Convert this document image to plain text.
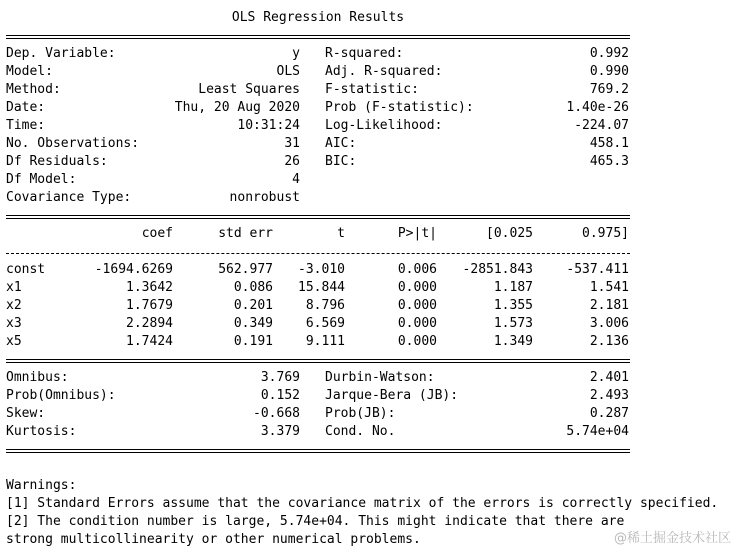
OLS Regression Results
Dep. Variable:	y R-squared:	0.992
Model:	OLS Adj. R-squared:	0.990
Method:	Least Squares F-statistic:	769.2
Date:	Thu, 20 Aug 2020 Prob (F-statistic):	1.40e-26
Time:	10:31:24 Log-Likelihood:	-224.07
No. Observations:	31 AIC:	458.1
Df Residuals:	26 BIC:	465.3
Df Model:	4
Covariance Type:	nonrobust
coef	std err	t	P>|t|	[0.025	0.975]
const	-1694.6269	562.977	-3.010	0.006	-2851.843	-537.411
x1	1.3642	0.086	15.844	0.000	1.187	1.541
x2	1.7679	0.201	8.796	0.000	1.355	2.181
x3	2.2894	0.349	6.569	0.000	1.573	3.006
x5	1.7424	0.191	9.111	0.000	1.349	2.136
Omnibus:	3.769 Durbin-Watson:	2.401
Prob(Omnibus):	0.152 Jarque-Bera (JB):	2.493
Skew:	-0.668 Prob(JB):	0.287
Kurtosis:	3.379 Cond. No.	5.74e+04
Warnings:
[1] Standard Errors assume that the covariance matrix of the errors is correctly specified.
[2] The condition number is large, 5.74e+04. This might indicate that there are
strong multicollinearity or other numerical problems.	@稀土掘金技术社区
